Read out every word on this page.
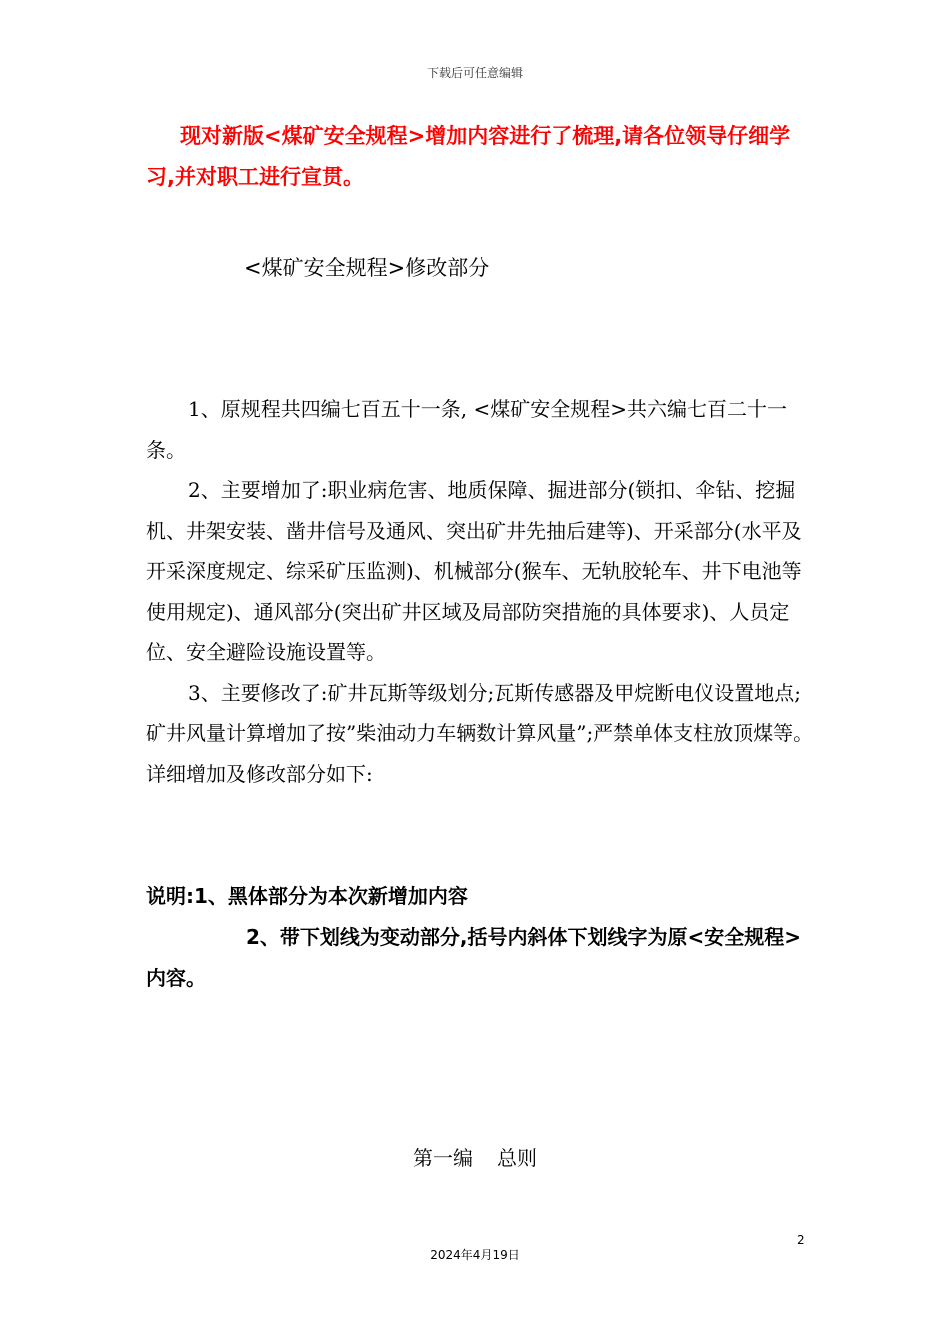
下载后可任意编辑
现对新版<煤矿安全规程>增加内容进行了梳理,请各位领导仔细学习,并对职工进行宣贯。
<煤矿安全规程>修改部分

1、原规程共四编七百五十一条, <煤矿安全规程>共六编七百二十一条。

2、主要增加了:职业病危害、地质保障、掘进部分(锁扣、伞钻、挖掘机、井架安装、凿井信号及通风、突出矿井先抽后建等)、开采部分(水平及开采深度规定、综采矿压监测)、机械部分(猴车、无轨胶轮车、井下电池等使用规定)、通风部分(突出矿井区域及局部防突措施的具体要求)、人员定位、安全避险设施设置等。

3、主要修改了:矿井瓦斯等级划分;瓦斯传感器及甲烷断电仪设置地点;矿井风量计算增加了按”柴油动力车辆数计算风量”;严禁单体支柱放顶煤等。

详细增加及修改部分如下:

说明:1、黑体部分为本次新增加内容

2、带下划线为变动部分,括号内斜体下划线字为原<安全规程>内容。

第一编 总则
2
2024年4月19日
